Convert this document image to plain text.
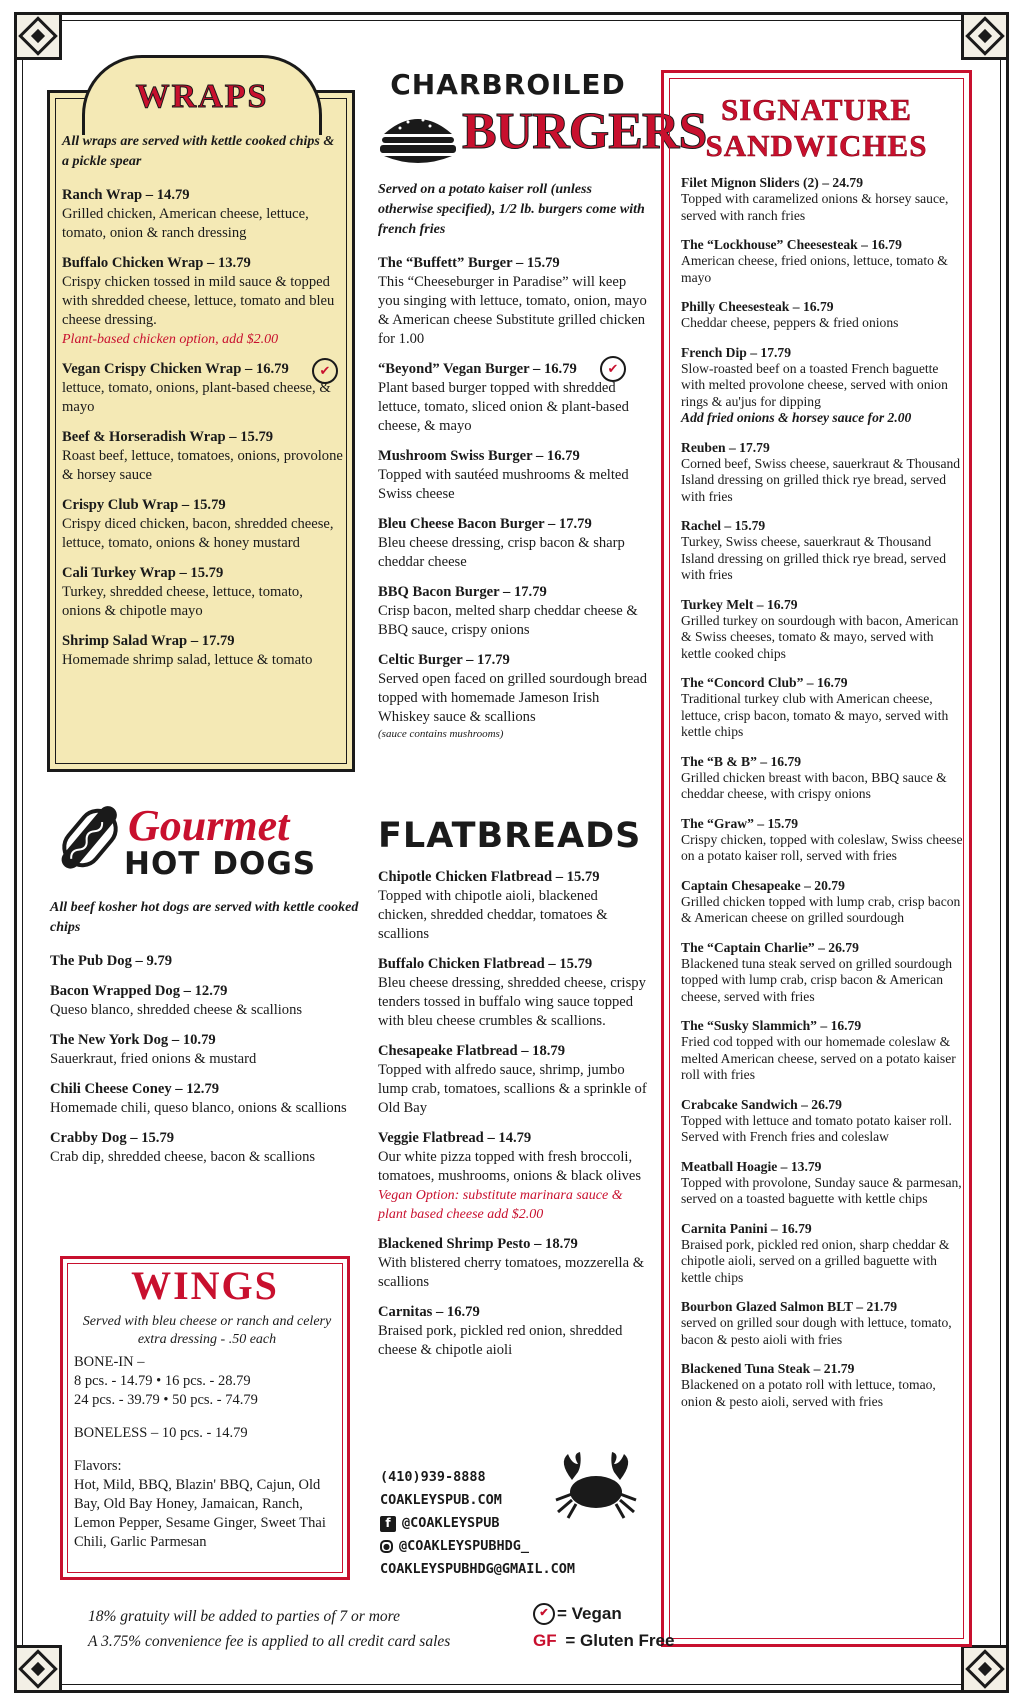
WRAPS
All wraps are served with kettle cooked chips & a pickle spear
Ranch Wrap – 14.79
Grilled chicken, American cheese, lettuce, tomato, onion & ranch dressing
Buffalo Chicken Wrap – 13.79
Crispy chicken tossed in mild sauce & topped with shredded cheese, lettuce, tomato and bleu cheese dressing.
Plant-based chicken option, add $2.00
Vegan Crispy Chicken Wrap – 16.79
lettuce, tomato, onions, plant-based cheese, & mayo
✔
Beef & Horseradish Wrap – 15.79
Roast beef, lettuce, tomatoes, onions, provolone & horsey sauce
Crispy Club Wrap – 15.79
Crispy diced chicken, bacon, shredded cheese, lettuce, tomato, onions & honey mustard
Cali Turkey Wrap – 15.79
Turkey, shredded cheese, lettuce, tomato, onions & chipotle mayo
Shrimp Salad Wrap – 17.79
Homemade shrimp salad, lettuce & tomato
CHARBROILED
BURGERS
Served on a potato kaiser roll (unless otherwise specified), 1/2 lb. burgers come with french fries
The “Buffett” Burger – 15.79
This “Cheeseburger in Paradise” will keep you singing with lettuce, tomato, onion, mayo & American cheese Substitute grilled chicken for 1.00
“Beyond” Vegan Burger – 16.79
Plant based burger topped with shredded lettuce, tomato, sliced onion & plant-based cheese, & mayo
✔
Mushroom Swiss Burger – 16.79
Topped with sautéed mushrooms & melted Swiss cheese
Bleu Cheese Bacon Burger – 17.79
Bleu cheese dressing, crisp bacon & sharp cheddar cheese
BBQ Bacon Burger – 17.79
Crisp bacon, melted sharp cheddar cheese & BBQ sauce, crispy onions
Celtic Burger – 17.79
Served open faced on grilled sourdough bread topped with homemade Jameson Irish Whiskey sauce & scallions
(sauce contains mushrooms)
SIGNATURE
SANDWICHES
Filet Mignon Sliders (2) – 24.79
Topped with caramelized onions & horsey sauce, served with ranch fries
The “Lockhouse” Cheesesteak – 16.79
American cheese, fried onions, lettuce, tomato & mayo
Philly Cheesesteak – 16.79
Cheddar cheese, peppers & fried onions
French Dip – 17.79
Slow-roasted beef on a toasted French baguette with melted provolone cheese, served with onion rings & au'jus for dipping
Add fried onions & horsey sauce for 2.00
Reuben – 17.79
Corned beef, Swiss cheese, sauerkraut & Thousand Island dressing on grilled thick rye bread, served with fries
Rachel – 15.79
Turkey, Swiss cheese, sauerkraut & Thousand Island dressing on grilled thick rye bread, served with fries
Turkey Melt – 16.79
Grilled turkey on sourdough with bacon, American & Swiss cheeses, tomato & mayo, served with kettle cooked chips
The “Concord Club” – 16.79
Traditional turkey club with American cheese, lettuce, crisp bacon, tomato & mayo, served with kettle chips
The “B & B” – 16.79
Grilled chicken breast with bacon, BBQ sauce & cheddar cheese, with crispy onions
The “Graw” – 15.79
Crispy chicken, topped with coleslaw, Swiss cheese on a potato kaiser roll, served with fries
Captain Chesapeake – 20.79
Grilled chicken topped with lump crab, crisp bacon & American cheese on grilled sourdough
The “Captain Charlie” – 26.79
Blackened tuna steak served on grilled sourdough topped with lump crab, crisp bacon & American cheese, served with fries
The “Susky Slammich” – 16.79
Fried cod topped with our homemade coleslaw & melted American cheese, served on a potato kaiser roll with fries
Crabcake Sandwich – 26.79
Topped with lettuce and tomato potato kaiser roll. Served with French fries and coleslaw
Meatball Hoagie – 13.79
Topped with provolone, Sunday sauce & parmesan, served on a toasted baguette with kettle chips
Carnita Panini – 16.79
Braised pork, pickled red onion, sharp cheddar & chipotle aioli, served on a grilled baguette with kettle chips
Bourbon Glazed Salmon BLT – 21.79
served on grilled sour dough with lettuce, tomato, bacon & pesto aioli with fries
Blackened Tuna Steak – 21.79
Blackened on a potato roll with lettuce, tomao, onion & pesto aioli, served with fries
Gourmet
HOT DOGS
All beef kosher hot dogs are served with kettle cooked chips
The Pub Dog – 9.79
Bacon Wrapped Dog – 12.79
Queso blanco, shredded cheese & scallions
The New York Dog – 10.79
Sauerkraut, fried onions & mustard
Chili Cheese Coney – 12.79
Homemade chili, queso blanco, onions & scallions
Crabby Dog – 15.79
Crab dip, shredded cheese, bacon & scallions
WINGS
Served with bleu cheese or ranch and celery extra dressing - .50 each
BONE-IN –
8 pcs. - 14.79 • 16 pcs. - 28.79
24 pcs. - 39.79 • 50 pcs. - 74.79
BONELESS – 10 pcs. - 14.79
Flavors:
Hot, Mild, BBQ, Blazin' BBQ, Cajun, Old Bay, Old Bay Honey, Jamaican, Ranch, Lemon Pepper, Sesame Ginger, Sweet Thai Chili, Garlic Parmesan
FLATBREADS
Chipotle Chicken Flatbread – 15.79
Topped with chipotle aioli, blackened chicken, shredded cheddar, tomatoes & scallions
Buffalo Chicken Flatbread – 15.79
Bleu cheese dressing, shredded cheese, crispy tenders tossed in buffalo wing sauce topped with bleu cheese crumbles & scallions.
Chesapeake Flatbread – 18.79
Topped with alfredo sauce, shrimp, jumbo lump crab, tomatoes, scallions & a sprinkle of Old Bay
Veggie Flatbread – 14.79
Our white pizza topped with fresh broccoli, tomatoes, mushrooms, onions & black olives
Vegan Option: substitute marinara sauce & plant based cheese add $2.00
Blackened Shrimp Pesto – 18.79
With blistered cherry tomatoes, mozzerella & scallions
Carnitas – 16.79
Braised pork, pickled red onion, shredded cheese & chipotle aioli
(410)939-8888
COAKLEYSPUB.COM
f @COAKLEYSPUB
● @COAKLEYSPUBHDG_
COAKLEYSPUBHDG@GMAIL.COM
18% gratuity will be added to parties of 7 or more
A 3.75% convenience fee is applied to all credit card sales
✔ = Vegan
GF
= Gluten Free
